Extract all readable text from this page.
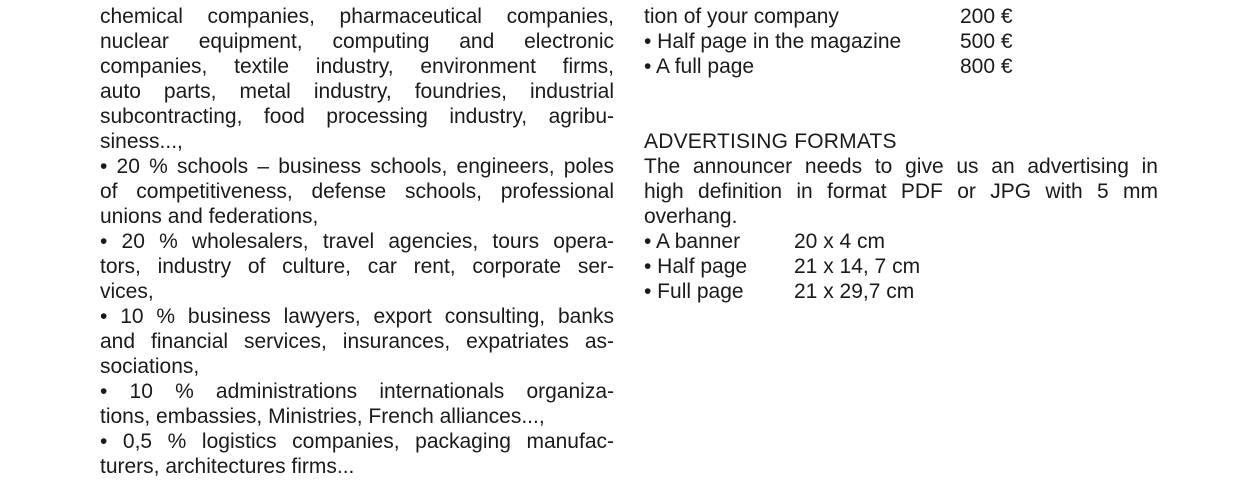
chemical companies, pharmaceutical companies,
nuclear equipment, computing and electronic
companies, textile industry, environment firms,
auto parts, metal industry, foundries, industrial
subcontracting, food processing industry, agribu-
siness...,
• 20 % schools – business schools, engineers, poles
of competitiveness, defense schools, professional
unions and federations,
• 20 % wholesalers, travel agencies, tours opera-
tors, industry of culture, car rent, corporate ser-
vices,
• 10 % business lawyers, export consulting, banks
and financial services, insurances, expatriates as-
sociations,
• 10 % administrations internationals organiza-
tions, embassies, Ministries, French alliances...,
• 0,5 % logistics companies, packaging manufac-
turers, architectures firms...
tion of your company	200 €
• Half page in the magazine	500 €
• A full page	800 €
ADVERTISING FORMATS
The announcer needs to give us an advertising in
high definition in format PDF or JPG with 5 mm
overhang.
• A banner	20 x 4 cm
• Half page	21 x 14, 7 cm
• Full page	21 x 29,7 cm
